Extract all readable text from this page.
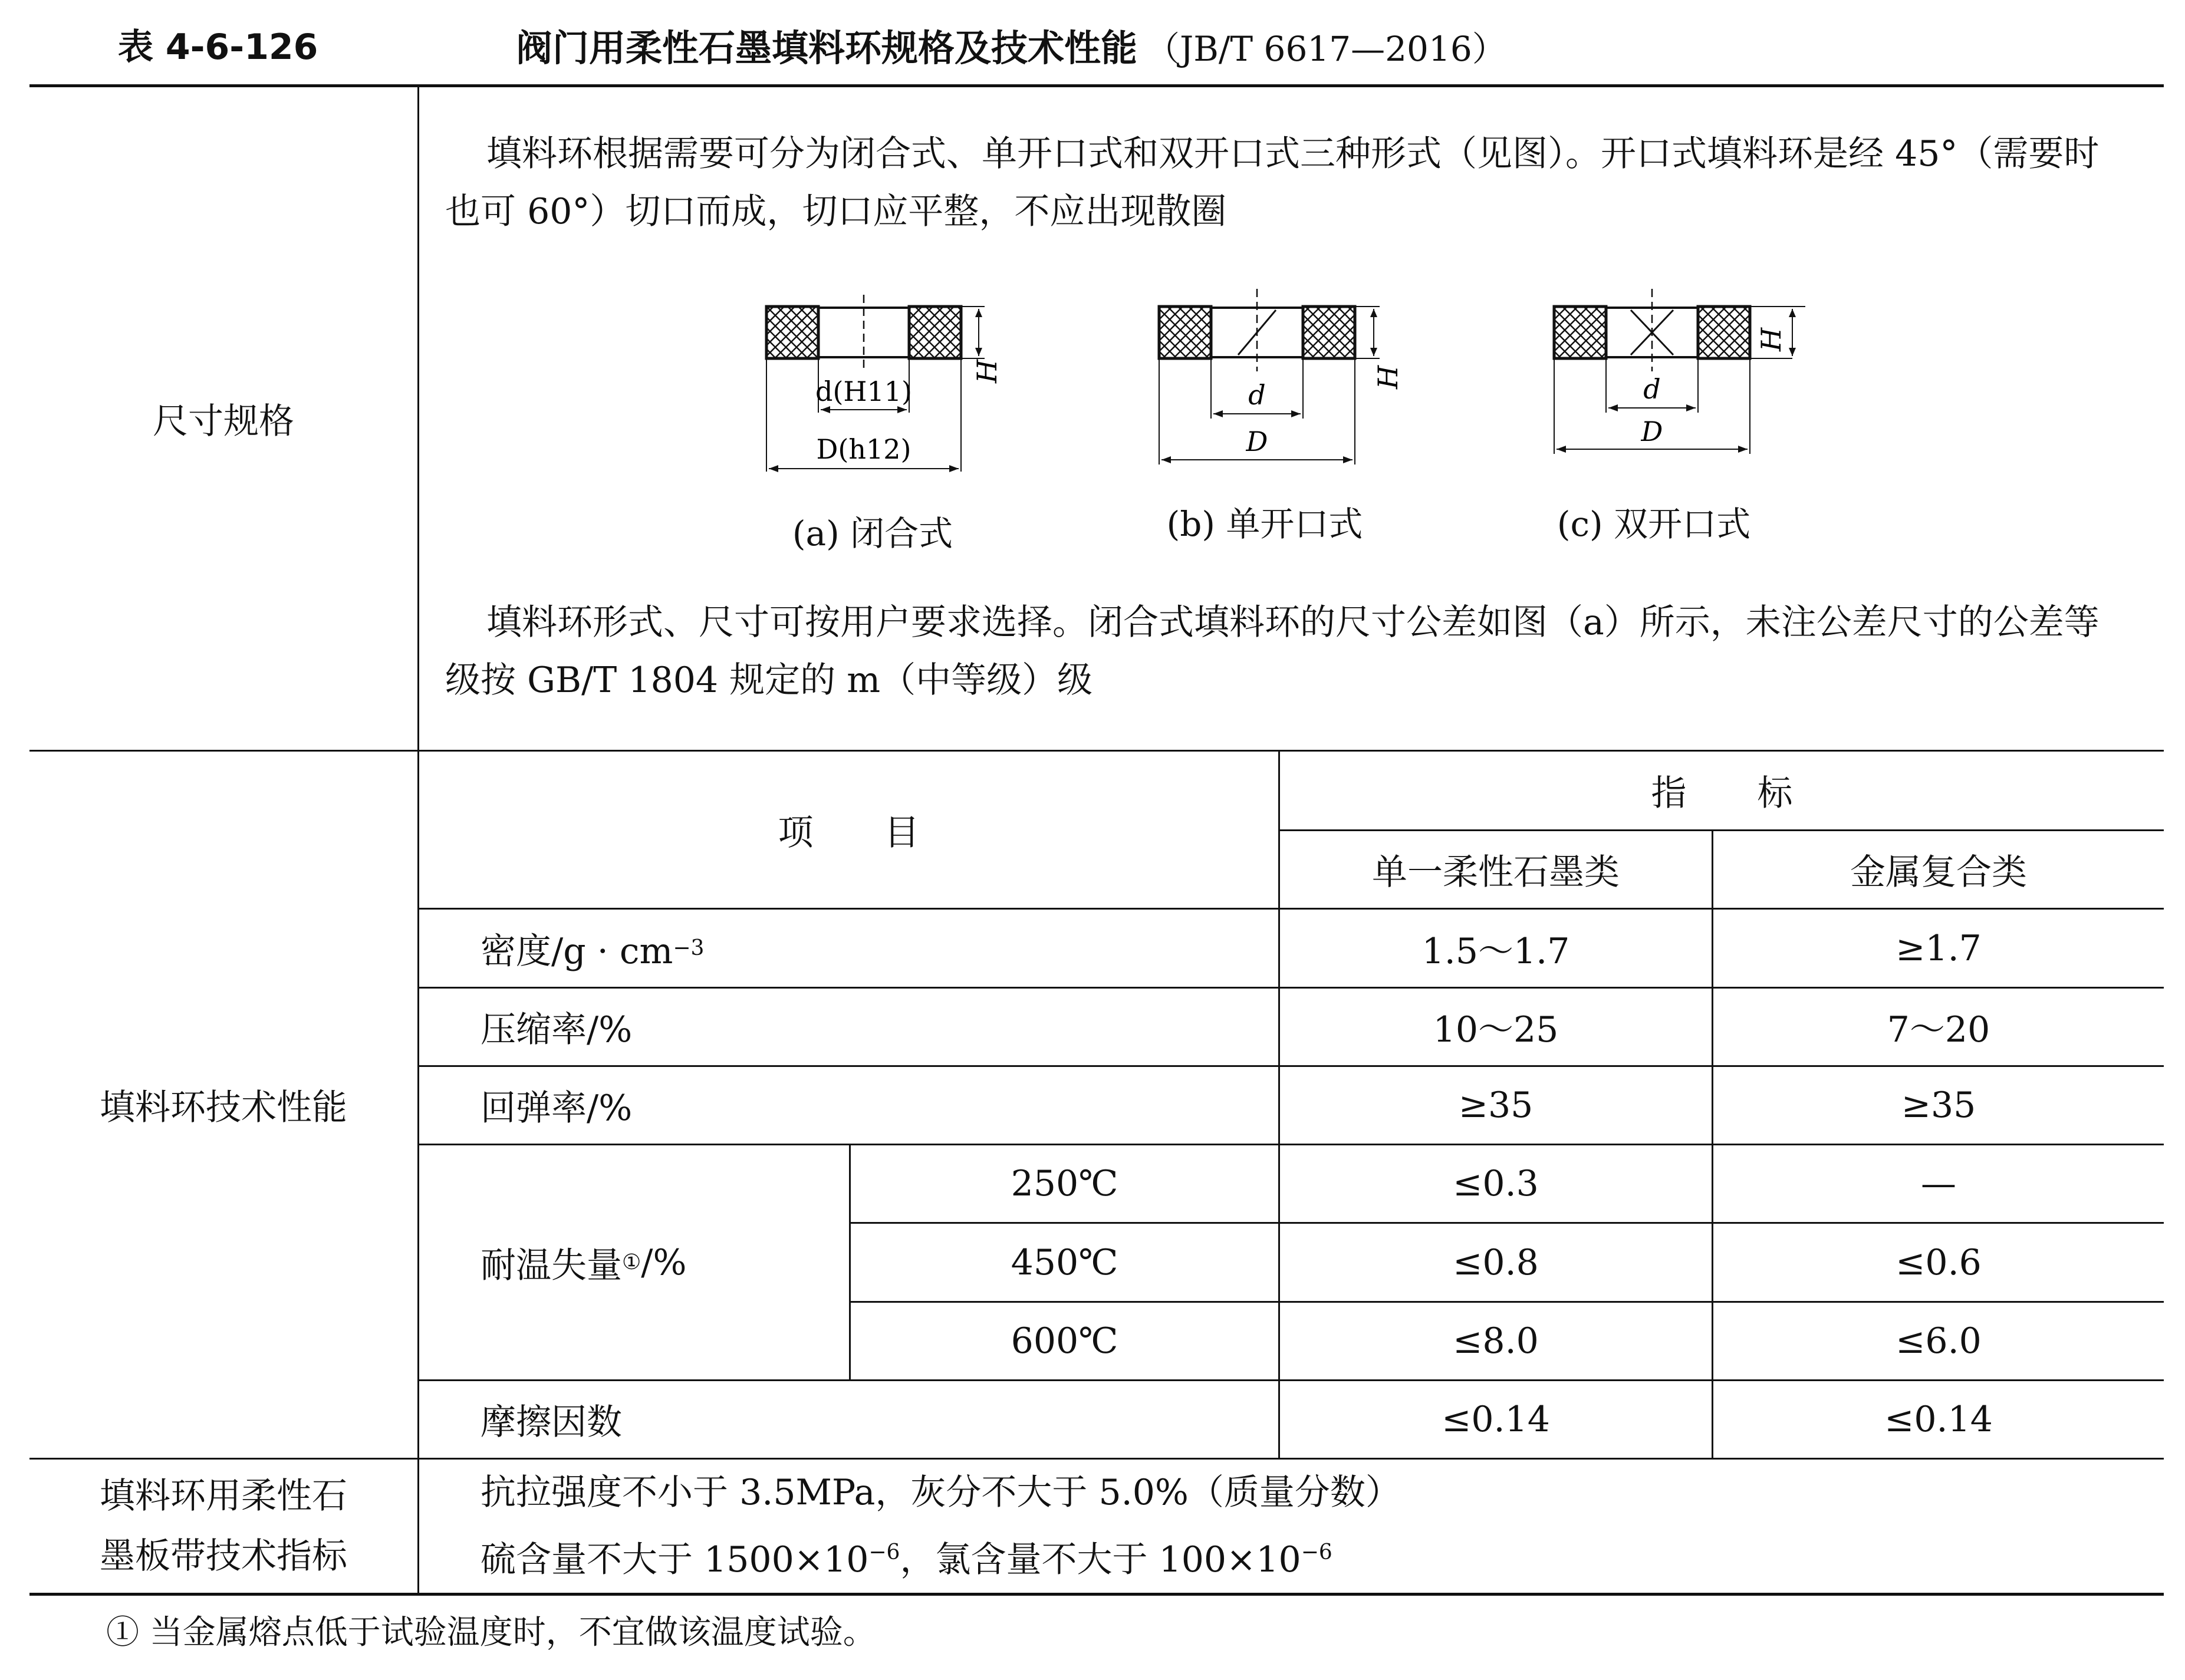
表 4-6-126	阀门用柔性石墨填料环规格及技术性能 （JB/T 6617—2016）
尺寸规格
填料环根据需要可分为闭合式、单开口式和双开口式三种形式（见图）。开口式填料环是经 45°（需要时也可 60°）切口而成，切口应平整，不应出现散圈
填料环形式、尺寸可按用户要求选择。闭合式填料环的尺寸公差如图（a）所示，未注公差尺寸的公差等级按 GB/T 1804 规定的 m（中等级）级
H
d(H11)
D(h12)
(a) 闭合式
H
d
D
(b) 单开口式
H
d
D
(c) 双开口式
填料环技术性能
项　　目
指　　标
单一柔性石墨类	金属复合类
密度/g · cm −3	1.5～1.7	≥1.7
压缩率/%	10～25	7～20
回弹率/%	≥35	≥35
耐温失量 ① /%
250℃	≤0.3	—
450℃	≤0.8	≤0.6
600℃	≤8.0	≤6.0
摩擦因数	≤0.14	≤0.14
填料环用柔性石
墨板带技术指标
抗拉强度不小于 3.5MPa，灰分不大于 5.0%（质量分数）
硫含量不大于 $1500\times 10^{-6}$，氯含量不大于 $100\times 10^{-6}$
① 当金属熔点低于试验温度时，不宜做该温度试验。
